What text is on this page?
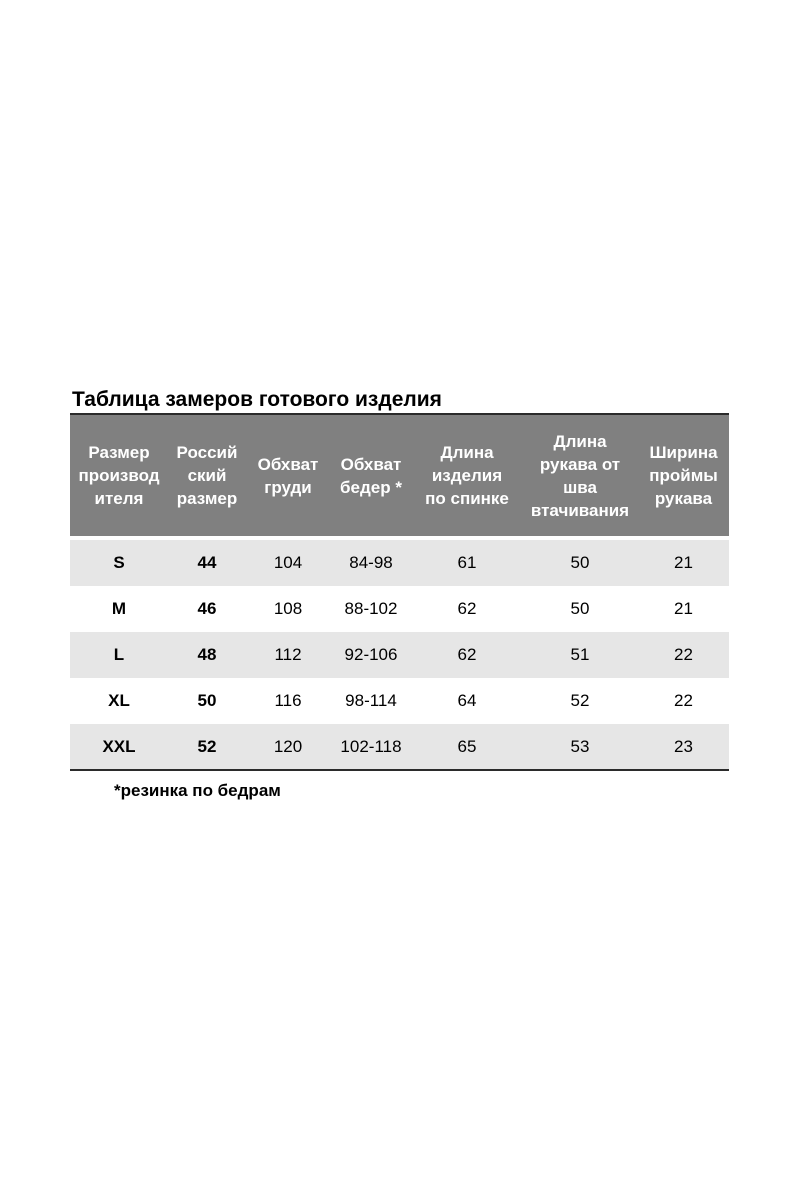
Таблица замеров готового изделия
Размер
производ
ителя	Россий
ский
размер	Обхват
груди	Обхват
бедер *	Длина
изделия
по спинке	Длина
рукава от
шва
втачивания	Ширина
проймы
рукава

S	44	104	84-98	61	50	21
M	46	108	88-102	62	50	21
L	48	112	92-106	62	51	22
XL	50	116	98-114	64	52	22
XXL	52	120	102-118	65	53	23
*резинка по бедрам
